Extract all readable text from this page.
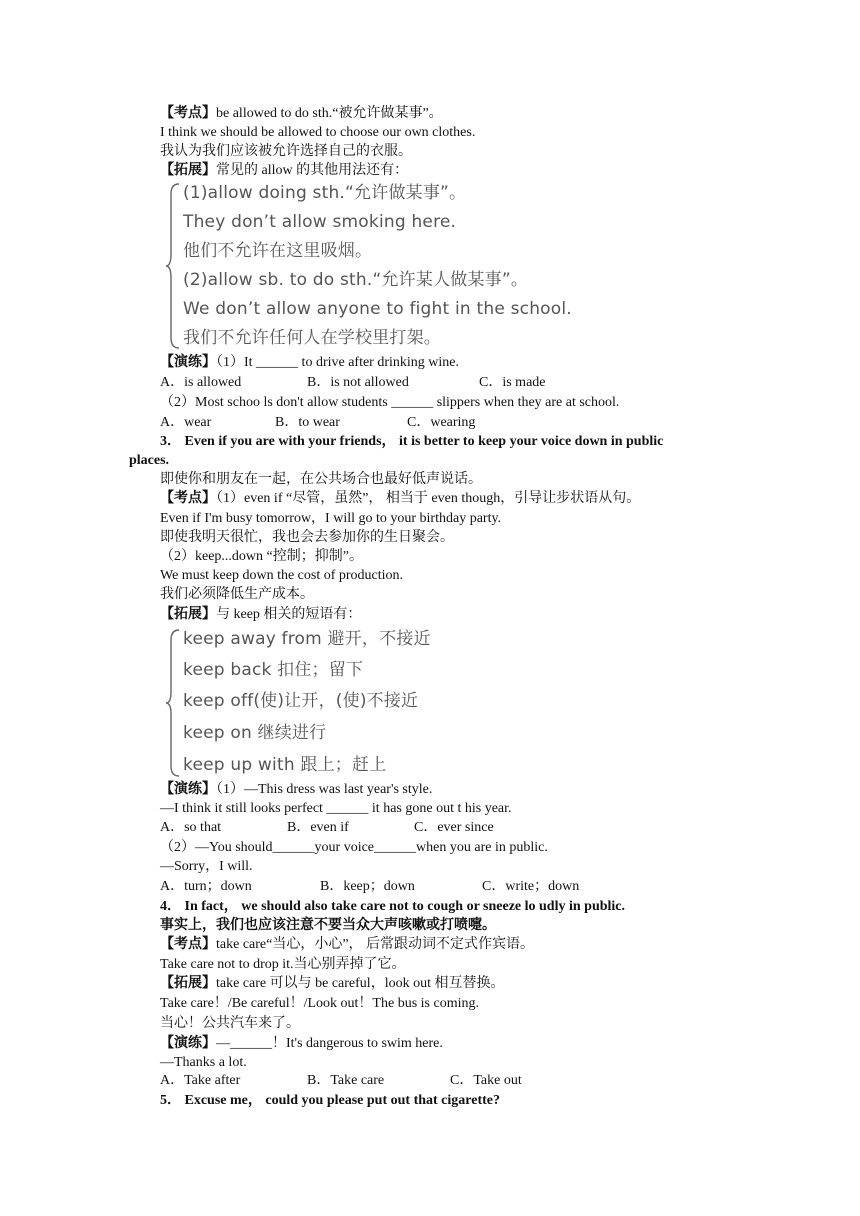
【考点】be allowed to do sth.“被允许做某事”。
I think we should be allowed to choose our own clothes.
我认为我们应该被允许选择自己的衣服。
【拓展】常见的 allow 的其他用法还有：
(1)allow doing sth.“允许做某事”。
They don’t allow smoking here.
他们不允许在这里吸烟。
(2)allow sb. to do sth.“允许某人做某事”。
We don’t allow anyone to fight in the school.
我们不允许任何人在学校里打架。
【演练】（1）It ______ to drive after drinking wine.
A．is allowed	B．is not allowed	C．is made
（2）Most schoo ls don't allow students ______ slippers when they are at school.
A．wear	B．to wear	C．wearing
3． Even if you are with your friends， it is better to keep your voice down in public
places.
即使你和朋友在一起，在公共场合也最好低声说话。
【考点】（1）even if “尽管，虽然”， 相当于 even though，引导让步状语从句。
Even if I'm busy tomorrow，I will go to your birthday party.
即使我明天很忙，我也会去参加你的生日聚会。
（2）keep...down “控制；抑制”。
We must keep down the cost of production.
我们必须降低生产成本。
【拓展】与 keep 相关的短语有：
keep away from 避开，不接近
keep back 扣住；留下
keep off(使)让开，(使)不接近
keep on 继续进行
keep up with 跟上；赶上
【演练】（1）—This dress was last year's style.
—I think it still looks perfect ______ it has gone out t his year.
A．so that	B．even if	C．ever since
（2）—You should______your voice______when you are in public.
—Sorry，I will.
A．turn；down	B．keep；down	C．write；down
4． In fact， we should also take care not to cough or sneeze lo udly in public.
事实上，我们也应该注意不要当众大声咳嗽或打喷嚏。
【考点】take care“当心，小心”， 后常跟动词不定式作宾语。
Take care not to drop it.当心别弄掉了它。
【拓展】take care 可以与 be careful，look out 相互替换。
Take care！/Be careful！/Look out！The bus is coming.
当心！公共汽车来了。
【演练】—______！It's dangerous to swim here.
—Thanks a lot.
A．Take after	B．Take care	C．Take out
5． Excuse me， could you please put out that cigarette?
